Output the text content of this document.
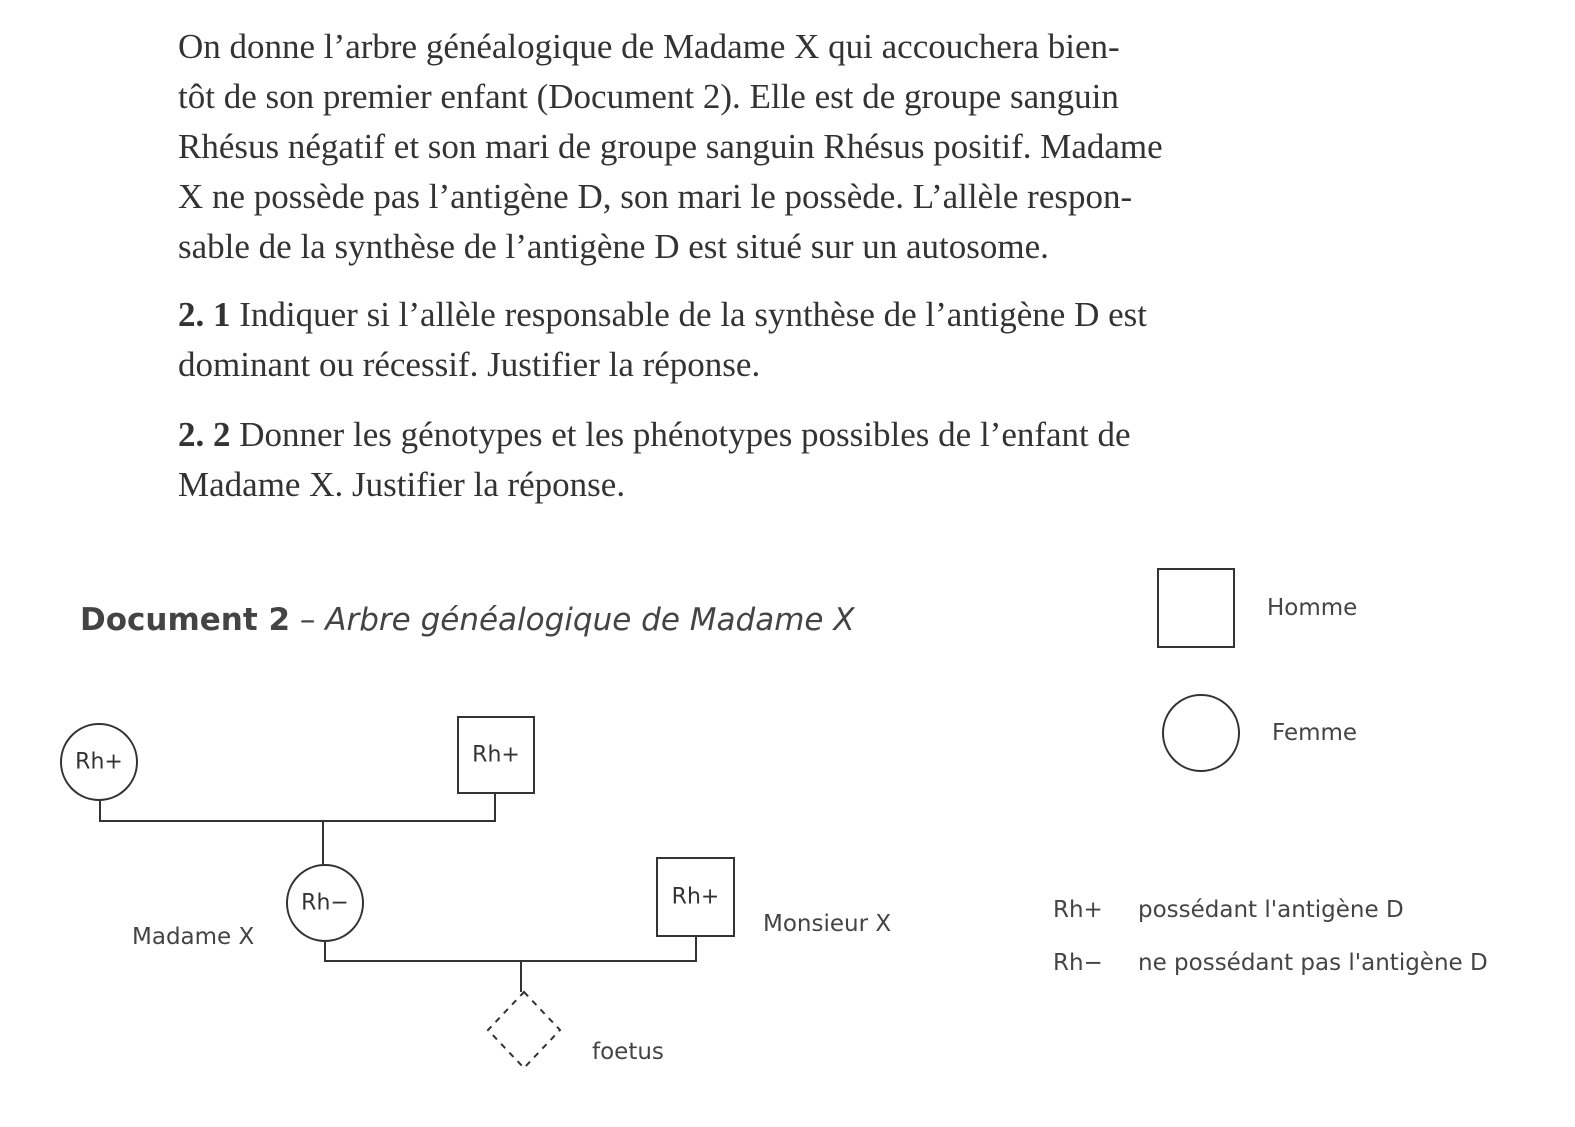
On donne l’arbre généalogique de Madame X qui accouchera bien-
tôt de son premier enfant (Document 2). Elle est de groupe sanguin
Rhésus négatif et son mari de groupe sanguin Rhésus positif. Madame
X ne possède pas l’antigène D, son mari le possède. L’allèle respon-
sable de la synthèse de l’antigène D est situé sur un autosome.
2. 1 Indiquer si l’allèle responsable de la synthèse de l’antigène D est
dominant ou récessif. Justifier la réponse.
2. 2 Donner les génotypes et les phénotypes possibles de l’enfant de
Madame X. Justifier la réponse.
Document 2 – Arbre généalogique de Madame X
Rh+	Rh+
Rh−
Madame X
Rh+
Monsieur X
foetus
Homme
Femme
Rh+ possédant l'antigène D
Rh− ne possédant pas l'antigène D
